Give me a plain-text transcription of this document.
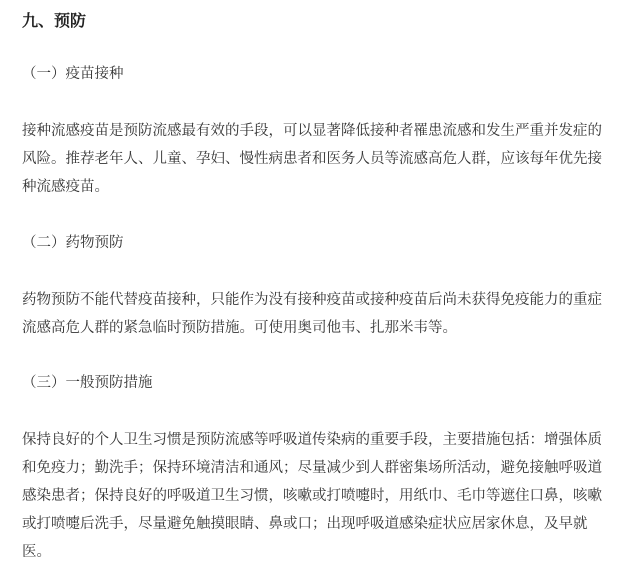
九、预防

（一）疫苗接种

接种流感疫苗是预防流感最有效的手段，可以显著降低接种者罹患流感和发生严重并发症的
风险。推荐老年人、儿童、孕妇、慢性病患者和医务人员等流感高危人群，应该每年优先接
种流感疫苗。

（二）药物预防

药物预防不能代替疫苗接种，只能作为没有接种疫苗或接种疫苗后尚未获得免疫能力的重症
流感高危人群的紧急临时预防措施。可使用奥司他韦、扎那米韦等。

（三）一般预防措施

保持良好的个人卫生习惯是预防流感等呼吸道传染病的重要手段，主要措施包括：增强体质
和免疫力；勤洗手；保持环境清洁和通风；尽量减少到人群密集场所活动，避免接触呼吸道
感染患者；保持良好的呼吸道卫生习惯，咳嗽或打喷嚏时，用纸巾、毛巾等遮住口鼻，咳嗽
或打喷嚏后洗手，尽量避免触摸眼睛、鼻或口；出现呼吸道感染症状应居家休息，及早就
医。
